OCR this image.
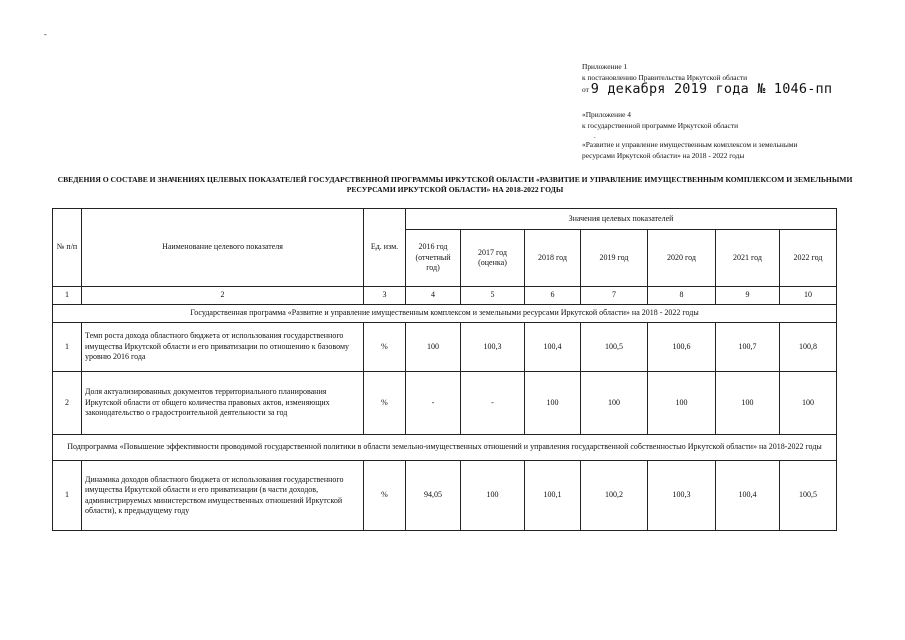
-
Приложение 1
к постановлению Правительства Иркутской области
от 9 декабря 2019 года № 1046-пп
«Приложение 4
к государственной программе Иркутской области
.
«Развитие и управление имущественным комплексом и земельными ресурсами Иркутской области» на 2018 - 2022 годы
СВЕДЕНИЯ О СОСТАВЕ И ЗНАЧЕНИЯХ ЦЕЛЕВЫХ ПОКАЗАТЕЛЕЙ ГОСУДАРСТВЕННОЙ ПРОГРАММЫ ИРКУТСКОЙ ОБЛАСТИ «РАЗВИТИЕ И УПРАВЛЕНИЕ ИМУЩЕСТВЕННЫМ КОМПЛЕКСОМ И ЗЕМЕЛЬНЫМИ РЕСУРСАМИ ИРКУТСКОЙ ОБЛАСТИ» НА 2018-2022 ГОДЫ
№ п/п	Наименование целевого показателя	Ед. изм.	Значения целевых показателей						
			2016 год (отчетный год)	2017 год (оценка)	2018 год	2019 год	2020 год	2021 год	2022 год
1	2	3	4	5	6	7	8	9	10
Государственная программа «Развитие и управление имущественным комплексом и земельными ресурсами Иркутской области» на 2018 - 2022 годы									
1	Темп роста дохода областного бюджета от использования государственного имущества Иркутской области и его приватизации по отношению к базовому уровню 2016 года	%	100	100,3	100,4	100,5	100,6	100,7	100,8
2	Доля актуализированных документов территориального планирования Иркутской области от общего количества правовых актов, изменяющих законодательство о градостроительной деятельности за год	%	-	-	100	100	100	100	100
Подпрограмма «Повышение эффективности проводимой государственной политики в области земельно-имущественных отношений и управления государственной собственностью Иркутской области» на 2018-2022 годы									
1	Динамика доходов областного бюджета от использования государственного имущества Иркутской области и его приватизации (в части доходов, администрируемых министерством имущественных отношений Иркутской области), к предыдущему году	%	94,05	100	100,1	100,2	100,3	100,4	100,5
